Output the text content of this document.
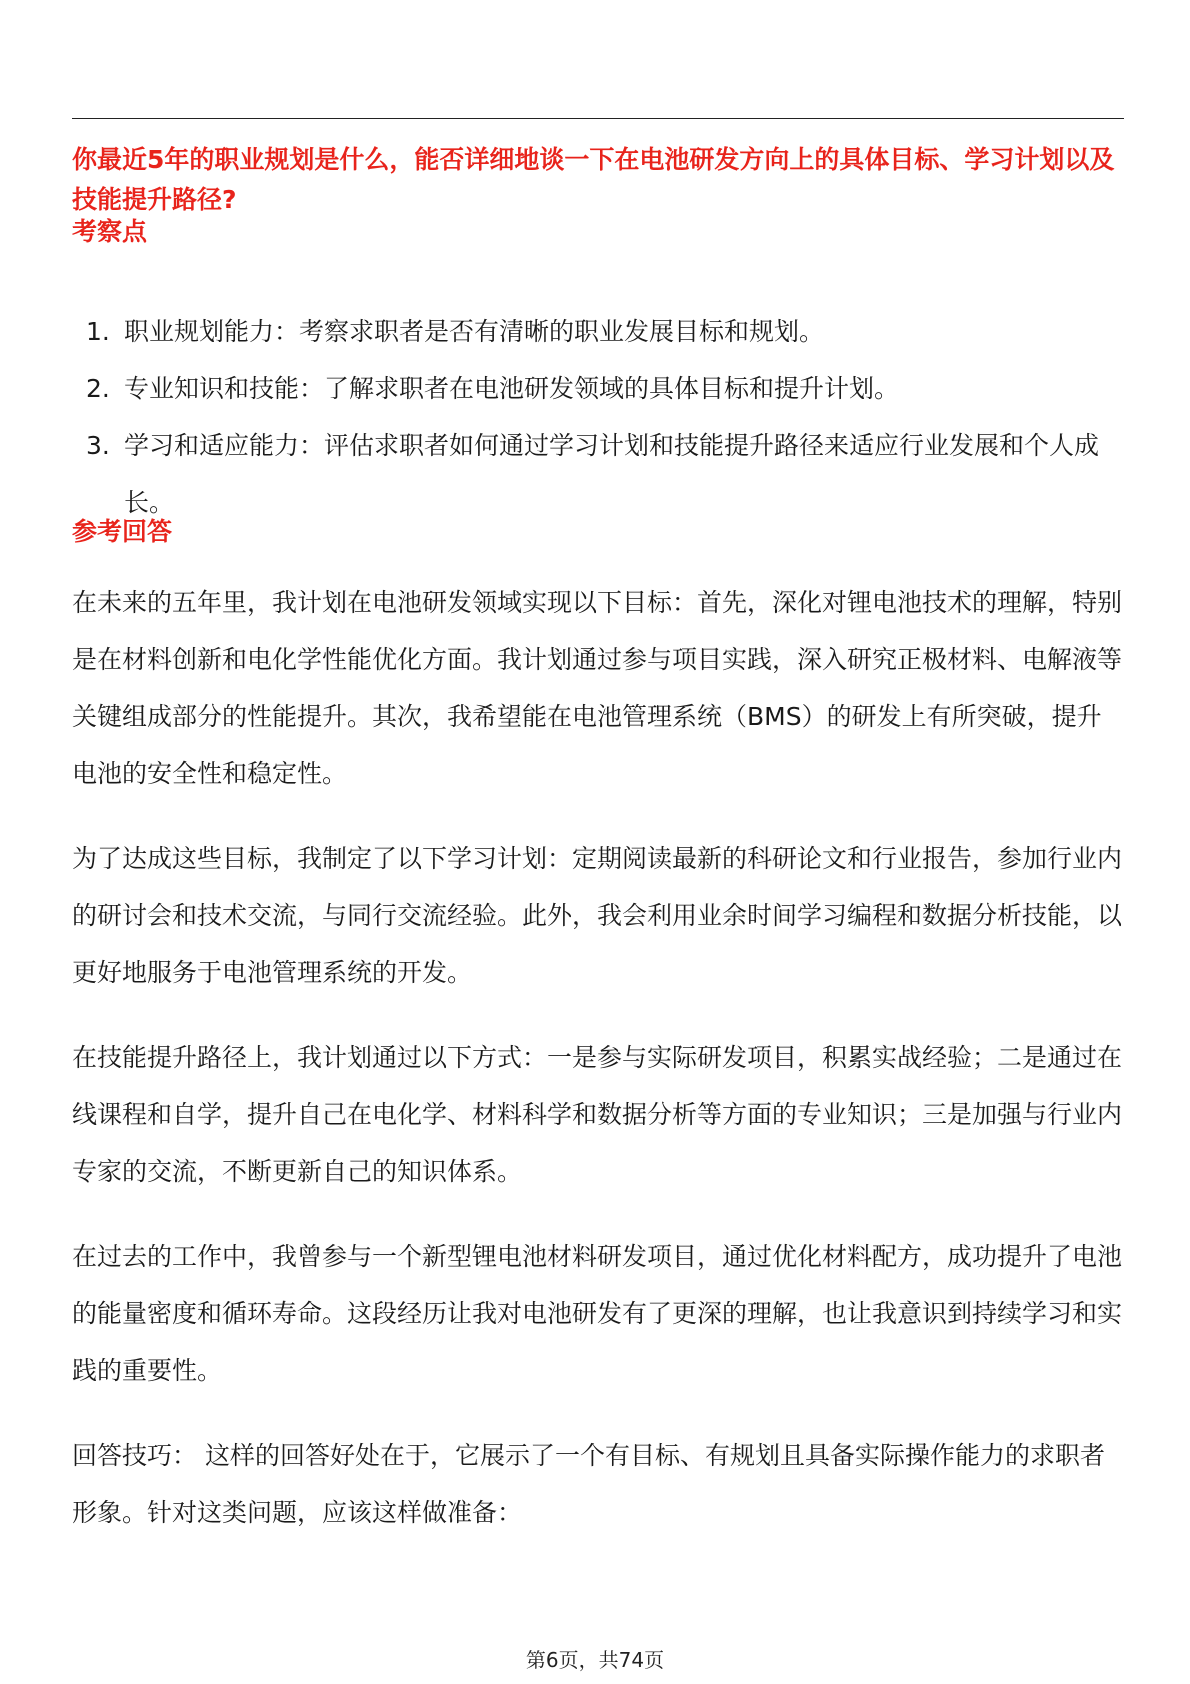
你最近5年的职业规划是什么，能否详细地谈一下在电池研发方向上的具体目标、学习计划以及技能提升路径?
考察点
1. 职业规划能力：考察求职者是否有清晰的职业发展目标和规划。
2. 专业知识和技能：了解求职者在电池研发领域的具体目标和提升计划。
3. 学习和适应能力：评估求职者如何通过学习计划和技能提升路径来适应行业发展和个人成长。
参考回答

在未来的五年里，我计划在电池研发领域实现以下目标：首先，深化对锂电池技术的理解，特别是在材料创新和电化学性能优化方面。我计划通过参与项目实践，深入研究正极材料、电解液等关键组成部分的性能提升。其次，我希望能在电池管理系统（BMS）的研发上有所突破，提升电池的安全性和稳定性。

为了达成这些目标，我制定了以下学习计划：定期阅读最新的科研论文和行业报告，参加行业内的研讨会和技术交流，与同行交流经验。此外，我会利用业余时间学习编程和数据分析技能，以更好地服务于电池管理系统的开发。

在技能提升路径上，我计划通过以下方式：一是参与实际研发项目，积累实战经验；二是通过在线课程和自学，提升自己在电化学、材料科学和数据分析等方面的专业知识；三是加强与行业内专家的交流，不断更新自己的知识体系。

在过去的工作中，我曾参与一个新型锂电池材料研发项目，通过优化材料配方，成功提升了电池的能量密度和循环寿命。这段经历让我对电池研发有了更深的理解，也让我意识到持续学习和实践的重要性。

回答技巧： 这样的回答好处在于，它展示了一个有目标、有规划且具备实际操作能力的求职者形象。针对这类问题，应该这样做准备：

第6页，共74页
